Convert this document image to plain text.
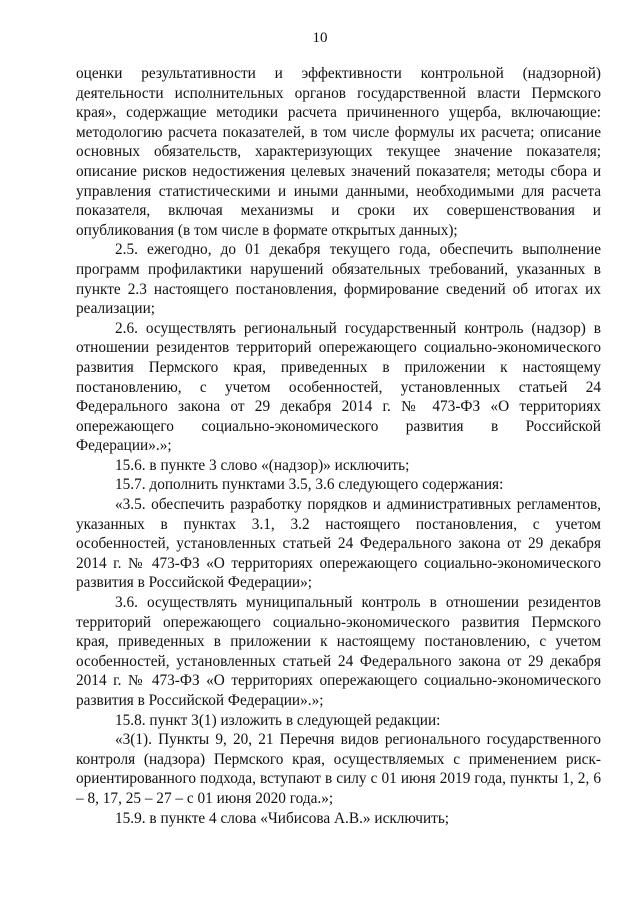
10

оценки результативности и эффективности контрольной (надзорной) деятельности исполнительных органов государственной власти Пермского края», содержащие методики расчета причиненного ущерба, включающие: методологию расчета показателей, в том числе формулы их расчета; описание основных обязательств, характеризующих текущее значение показателя; описание рисков недостижения целевых значений показателя; методы сбора и управления статистическими и иными данными, необходимыми для расчета показателя, включая механизмы и сроки их совершенствования и опубликования (в том числе в формате открытых данных);

2.5. ежегодно, до 01 декабря текущего года, обеспечить выполнение программ профилактики нарушений обязательных требований, указанных в пункте 2.3 настоящего постановления, формирование сведений об итогах их реализации;

2.6. осуществлять региональный государственный контроль (надзор) в отношении резидентов территорий опережающего социально-экономического развития Пермского края, приведенных в приложении к настоящему постановлению, с учетом особенностей, установленных статьей 24 Федерального закона от 29 декабря 2014 г. № 473-ФЗ «О территориях опережающего социально-экономического развития в Российской Федерации».»;

15.6. в пункте 3 слово «(надзор)» исключить;

15.7. дополнить пунктами 3.5, 3.6 следующего содержания:

«3.5. обеспечить разработку порядков и административных регламентов, указанных в пунктах 3.1, 3.2 настоящего постановления, с учетом особенностей, установленных статьей 24 Федерального закона от 29 декабря 2014 г. № 473-ФЗ «О территориях опережающего социально-экономического развития в Российской Федерации»;

3.6. осуществлять муниципальный контроль в отношении резидентов территорий опережающего социально-экономического развития Пермского края, приведенных в приложении к настоящему постановлению, с учетом особенностей, установленных статьей 24 Федерального закона от 29 декабря 2014 г. № 473-ФЗ «О территориях опережающего социально-экономического развития в Российской Федерации».»;

15.8. пункт 3(1) изложить в следующей редакции:

«3(1). Пункты 9, 20, 21 Перечня видов регионального государственного контроля (надзора) Пермского края, осуществляемых с применением риск-ориентированного подхода, вступают в силу с 01 июня 2019 года, пункты 1, 2, 6 – 8, 17, 25 – 27 – с 01 июня 2020 года.»;

15.9. в пункте 4 слова «Чибисова А.В.» исключить;
